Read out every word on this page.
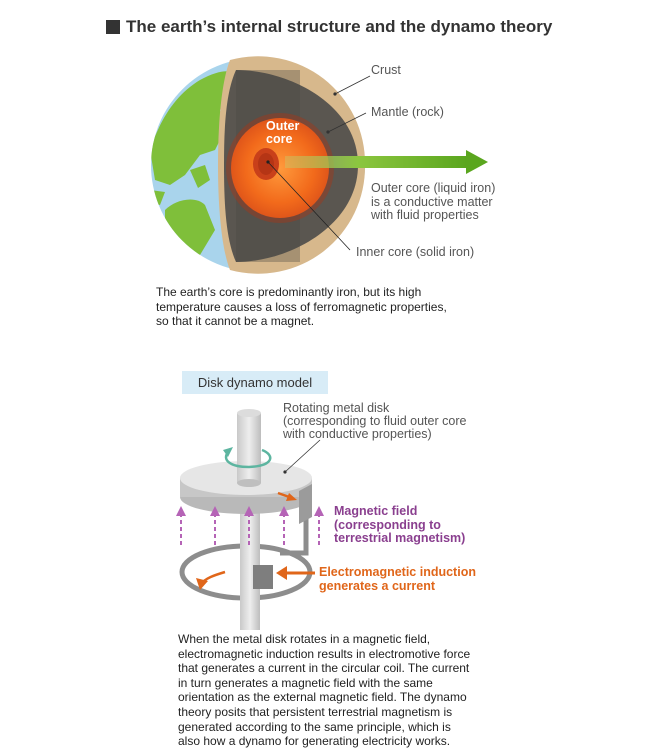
The earth’s internal structure and the dynamo theory
Crust
Mantle (rock)
Outer
core
Outer core (liquid iron)
is a conductive matter
with fluid properties
Inner core (solid iron)
The earth’s core is predominantly iron, but its high
temperature causes a loss of ferromagnetic properties,
so that it cannot be a magnet.
Disk dynamo model
Rotating metal disk
(corresponding to fluid outer core
with conductive properties)
Magnetic field
(corresponding to
terrestrial magnetism)
Electromagnetic induction
generates a current
When the metal disk rotates in a magnetic field,
electromagnetic induction results in electromotive force
that generates a current in the circular coil. The current
in turn generates a magnetic field with the same
orientation as the external magnetic field. The dynamo
theory posits that persistent terrestrial magnetism is
generated according to the same principle, which is
also how a dynamo for generating electricity works.
